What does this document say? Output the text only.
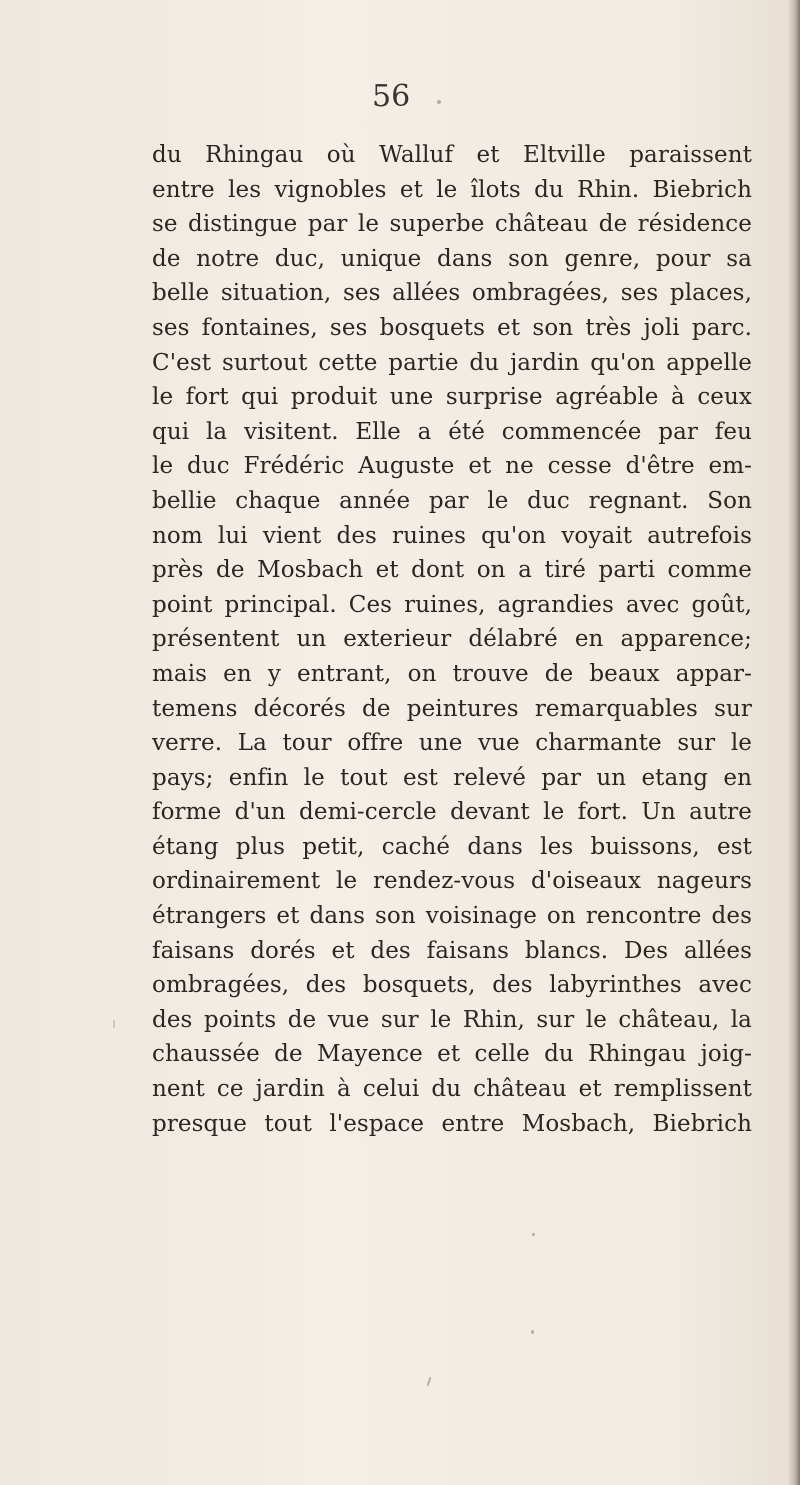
56
du Rhingau où Walluf et Eltville paraissent
entre les vignobles et le îlots du Rhin. Biebrich
se distingue par le superbe château de résidence
de notre duc, unique dans son genre, pour sa
belle situation, ses allées ombragées, ses places,
ses fontaines, ses bosquets et son très joli parc.
C'est surtout cette partie du jardin qu'on appelle
le fort qui produit une surprise agréable à ceux
qui la visitent. Elle a été commencée par feu
le duc Frédéric Auguste et ne cesse d'être em-
bellie chaque année par le duc regnant. Son
nom lui vient des ruines qu'on voyait autrefois
près de Mosbach et dont on a tiré parti comme
point principal. Ces ruines, agrandies avec goût,
présentent un exterieur délabré en apparence;
mais en y entrant, on trouve de beaux appar-
temens décorés de peintures remarquables sur
verre. La tour offre une vue charmante sur le
pays; enfin le tout est relevé par un etang en
forme d'un demi-cercle devant le fort. Un autre
étang plus petit, caché dans les buissons, est
ordinairement le rendez-vous d'oiseaux nageurs
étrangers et dans son voisinage on rencontre des
faisans dorés et des faisans blancs. Des allées
ombragées, des bosquets, des labyrinthes avec
des points de vue sur le Rhin, sur le château, la
chaussée de Mayence et celle du Rhingau joig-
nent ce jardin à celui du château et remplissent
presque tout l'espace entre Mosbach, Biebrich
